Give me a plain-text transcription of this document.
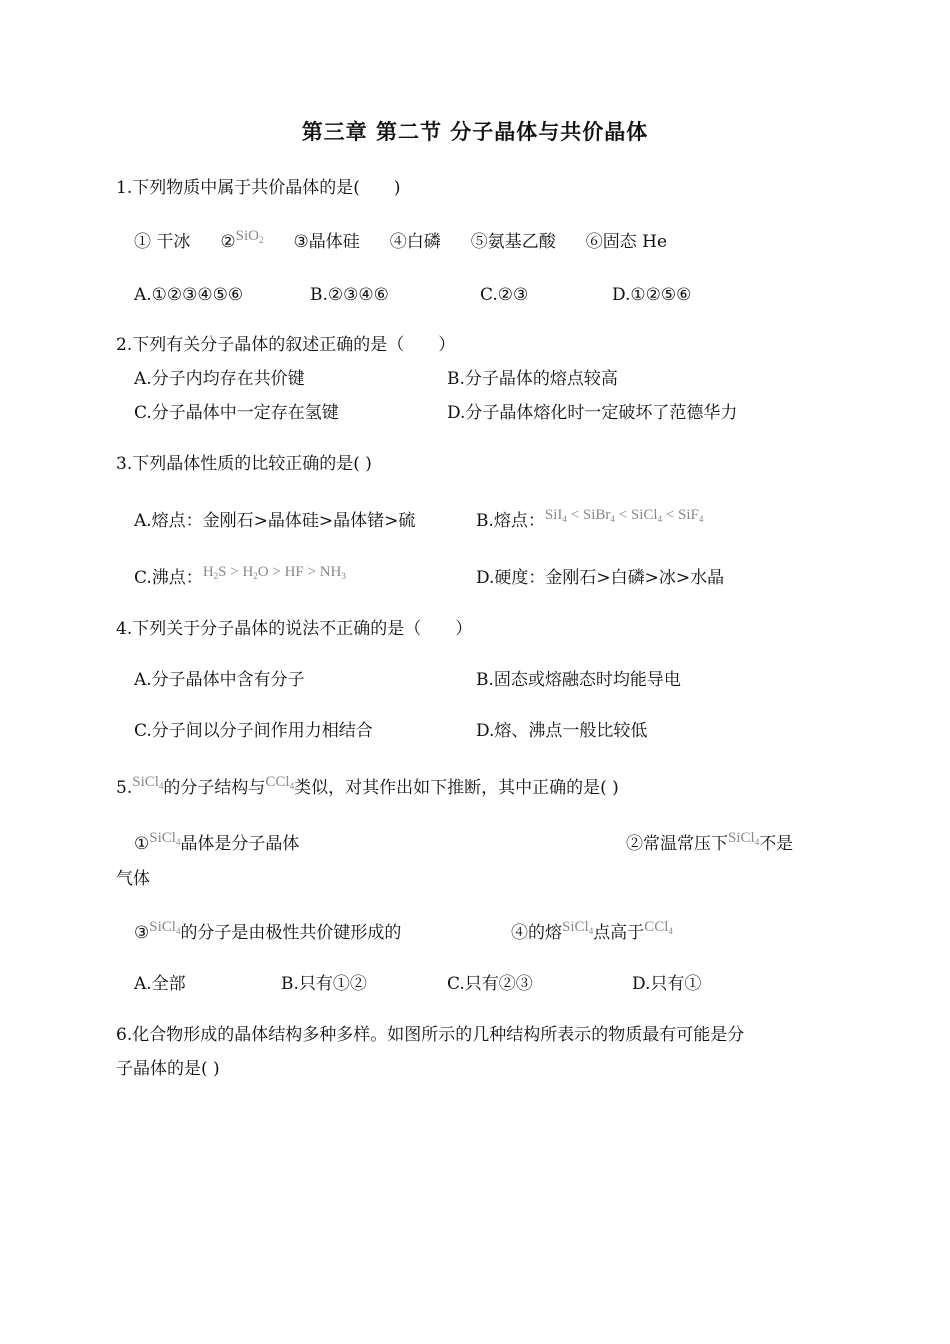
第三章 第二节 分子晶体与共价晶体
1.下列物质中属于共价晶体的是(　　)
① 干冰 ②SiO$_2$ ③晶体硅 ④白磷 ⑤氨基乙酸 ⑥固态 He
A.①②③④⑤⑥	B.②③④⑥	C.②③	D.①②⑤⑥
2.下列有关分子晶体的叙述正确的是（　　）
A.分子内均存在共价键	B.分子晶体的熔点较高
C.分子晶体中一定存在氢键	D.分子晶体熔化时一定破坏了范德华力
3.下列晶体性质的比较正确的是( )
A.熔点：金刚石>晶体硅>晶体锗>硫	B.熔点：SiI$_4$ < SiBr$_4$ < SiCl$_4$ < SiF$_4$
C.沸点：$H_2S > H_2O$ > HF > $NH_3$	D.硬度：金刚石>白磷>冰>水晶
4.下列关于分子晶体的说法不正确的是（　　）
A.分子晶体中含有分子	B.固态或熔融态时均能导电
C.分子间以分子间作用力相结合	D.熔、沸点一般比较低
5.SiCl$_4$的分子结构与CCl$_4$类似，对其作出如下推断，其中正确的是( )
①SiCl$_4$晶体是分子晶体	②常温常压下SiCl$_4$不是
气体
③SiCl$_4$的分子是由极性共价键形成的	④的熔SiCl$_4$点高于CCl$_4$
A.全部	B.只有①②	C.只有②③	D.只有①
6.化合物形成的晶体结构多种多样。如图所示的几种结构所表示的物质最有可能是分
子晶体的是( )
